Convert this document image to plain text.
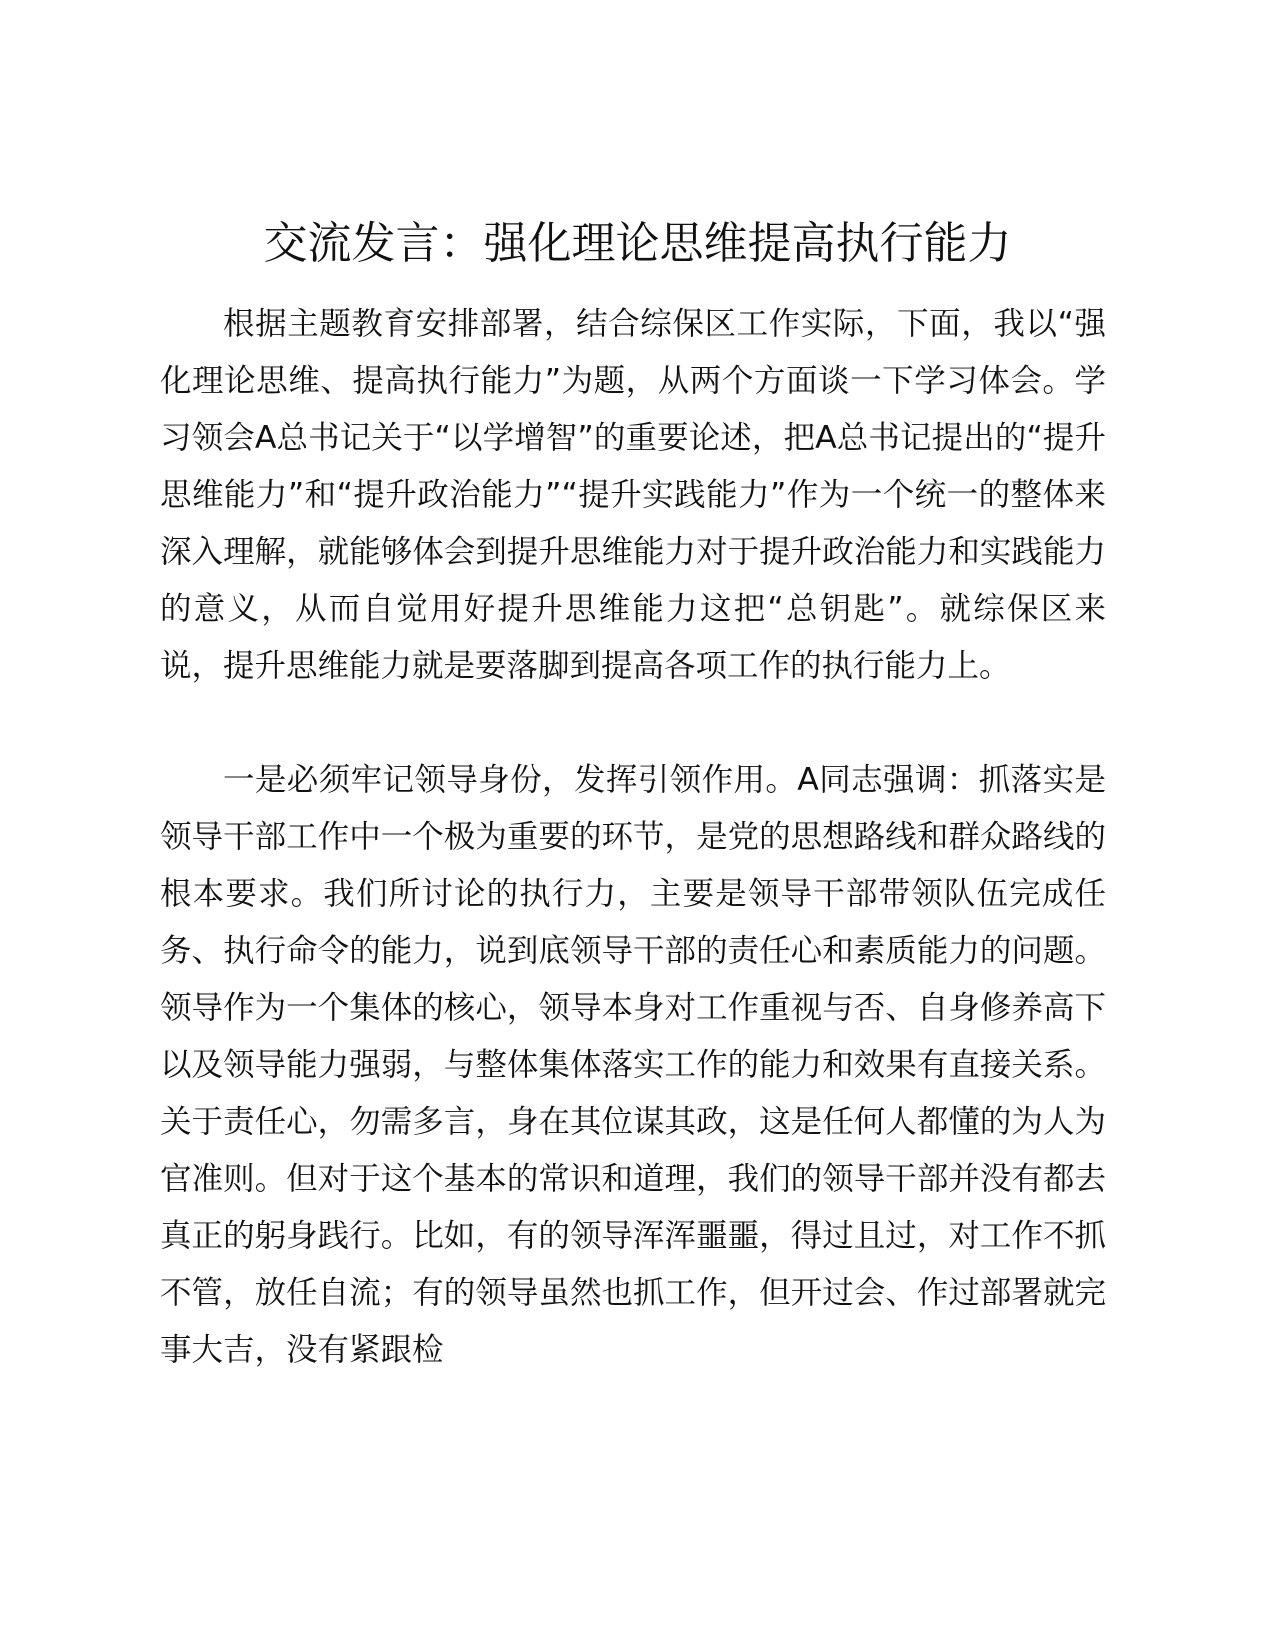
交流发言：强化理论思维提高执行能力

根据主题教育安排部署，结合综保区工作实际，下面，我以“强化理论思维、提高执行能力”为题，从两个方面谈一下学习体会。学习领会A总书记关于“以学增智”的重要论述，把A总书记提出的“提升思维能力”和“提升政治能力”“提升实践能力”作为一个统一的整体来深入理解，就能够体会到提升思维能力对于提升政治能力和实践能力的意义，从而自觉用好提升思维能力这把“总钥匙”。就综保区来说，提升思维能力就是要落脚到提高各项工作的执行能力上。

一是必须牢记领导身份，发挥引领作用。A同志强调：抓落实是领导干部工作中一个极为重要的环节，是党的思想路线和群众路线的根本要求。我们所讨论的执行力，主要是领导干部带领队伍完成任务、执行命令的能力，说到底领导干部的责任心和素质能力的问题。领导作为一个集体的核心，领导本身对工作重视与否、自身修养高下以及领导能力强弱，与整体集体落实工作的能力和效果有直接关系。关于责任心，勿需多言，身在其位谋其政，这是任何人都懂的为人为官准则。但对于这个基本的常识和道理，我们的领导干部并没有都去真正的躬身践行。比如，有的领导浑浑噩噩，得过且过，对工作不抓不管，放任自流；有的领导虽然也抓工作，但开过会、作过部署就完事大吉，没有紧跟检
